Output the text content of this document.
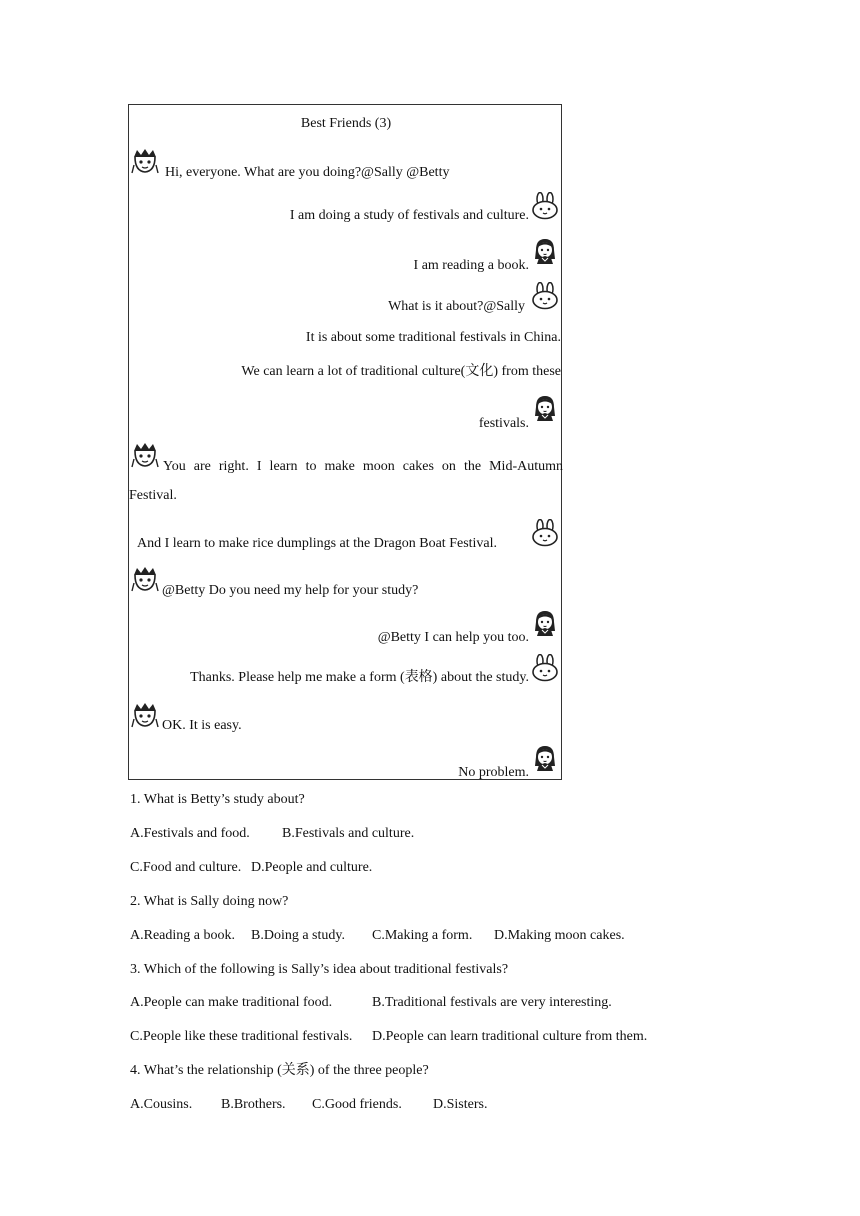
Best Friends (3)
Hi, everyone. What are you doing?@Sally @Betty
I am doing a study of festivals and culture.
I am reading a book.
What is it about?@Sally
It is about some traditional festivals in China.
We can learn a lot of traditional culture(文化) from these
festivals.
You are right. I learn to make moon cakes on the Mid-Autumn
Festival.
And I learn to make rice dumplings at the Dragon Boat Festival.
@Betty Do you need my help for your study?
@Betty I can help you too.
Thanks. Please help me make a form (表格) about the study.
OK. It is easy.
No problem.
1. What is Betty’s study about?
A.Festivals and food. B.Festivals and culture.
C.Food and culture. D.People and culture.
2. What is Sally doing now?
A.Reading a book. B.Doing a study. C.Making a form. D.Making moon cakes.
3. Which of the following is Sally’s idea about traditional festivals?
A.People can make traditional food.	B.Traditional festivals are very interesting.
C.People like these traditional festivals. D.People can learn traditional culture from them.
4. What’s the relationship (关系) of the three people?
A.Cousins. B.Brothers. C.Good friends. D.Sisters.
